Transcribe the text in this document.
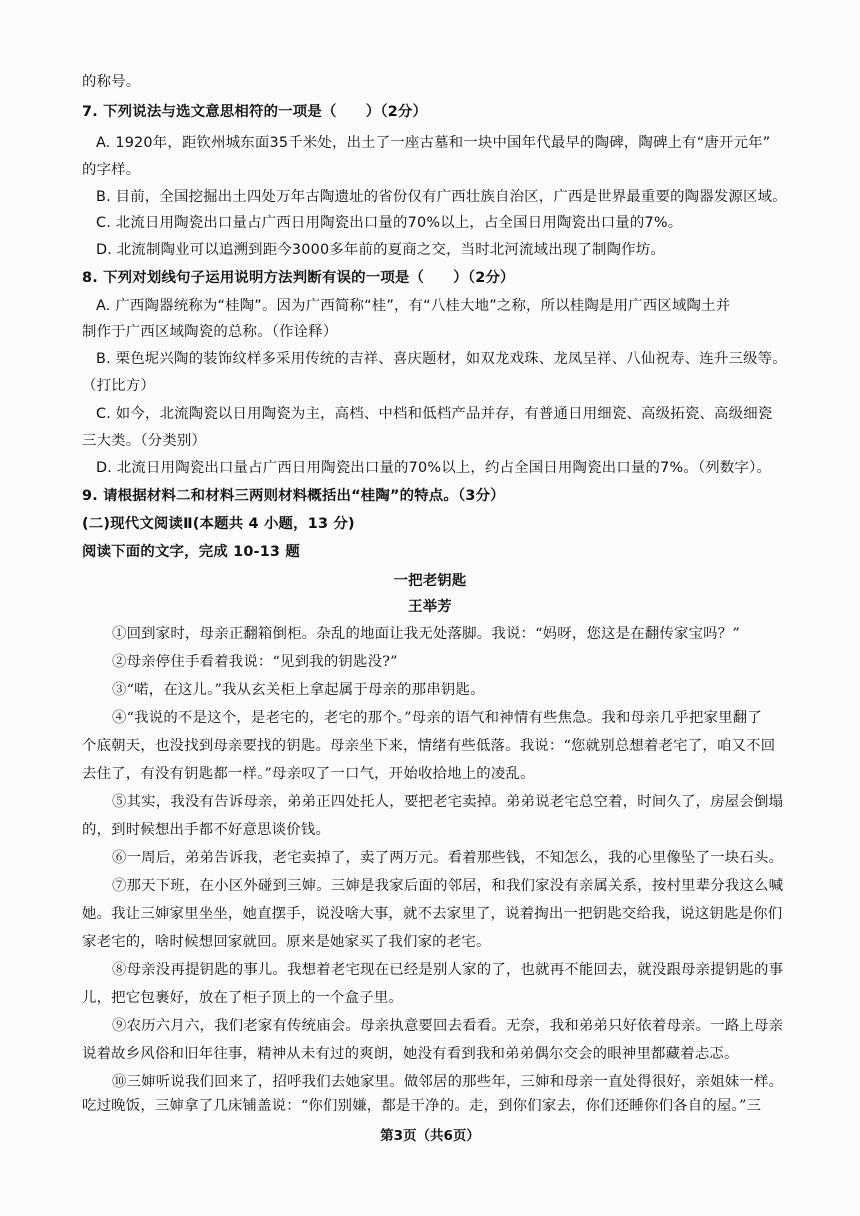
的称号。
7. 下列说法与选文意思相符的一项是（　　）（2分）
A. 1920年，距钦州城东面35千米处，出土了一座古墓和一块中国年代最早的陶碑，陶碑上有“唐开元年”
的字样。
B. 目前，全国挖掘出土四处万年古陶遗址的省份仅有广西壮族自治区，广西是世界最重要的陶器发源区域。
C. 北流日用陶瓷出口量占广西日用陶瓷出口量的70%以上，占全国日用陶瓷出口量的7%。
D. 北流制陶业可以追溯到距今3000多年前的夏商之交，当时北河流域出现了制陶作坊。
8. 下列对划线句子运用说明方法判断有误的一项是（　　）（2分）
A. 广西陶器统称为“桂陶”。因为广西简称“桂”，有“八桂大地”之称，所以桂陶是用广西区域陶土并
制作于广西区域陶瓷的总称。（作诠释）
B. 栗色坭兴陶的装饰纹样多采用传统的吉祥、喜庆题材，如双龙戏珠、龙凤呈祥、八仙祝寿、连升三级等。
（打比方）
C. 如今，北流陶瓷以日用陶瓷为主，高档、中档和低档产品并存，有普通日用细瓷、高级拓瓷、高级细瓷
三大类。（分类别）
D. 北流日用陶瓷出口量占广西日用陶瓷出口量的70%以上，约占全国日用陶瓷出口量的7%。（列数字）。
9. 请根据材料二和材料三两则材料概括出“桂陶”的特点。（3分）
(二)现代文阅读Ⅱ(本题共 4 小题，13 分)
阅读下面的文字，完成 10-13 题
一把老钥匙
王举芳
①回到家时，母亲正翻箱倒柜。杂乱的地面让我无处落脚。我说：“妈呀，您这是在翻传家宝吗？”
②母亲停住手看着我说：“见到我的钥匙没?”
③“喏，在这儿。”我从玄关柜上拿起属于母亲的那串钥匙。
④“我说的不是这个，是老宅的，老宅的那个。”母亲的语气和神情有些焦急。我和母亲几乎把家里翻了
个底朝天，也没找到母亲要找的钥匙。母亲坐下来，情绪有些低落。我说：“您就别总想着老宅了，咱又不回
去住了，有没有钥匙都一样。”母亲叹了一口气，开始收拾地上的凌乱。
⑤其实，我没有告诉母亲，弟弟正四处托人，要把老宅卖掉。弟弟说老宅总空着，时间久了，房屋会倒塌
的，到时候想出手都不好意思谈价钱。
⑥一周后，弟弟告诉我，老宅卖掉了，卖了两万元。看着那些钱，不知怎么，我的心里像坠了一块石头。
⑦那天下班，在小区外碰到三婶。三婶是我家后面的邻居，和我们家没有亲属关系，按村里辈分我这么喊
她。我让三婶家里坐坐，她直摆手，说没啥大事，就不去家里了，说着掏出一把钥匙交给我，说这钥匙是你们
家老宅的，啥时候想回家就回。原来是她家买了我们家的老宅。
⑧母亲没再提钥匙的事儿。我想着老宅现在已经是别人家的了，也就再不能回去，就没跟母亲提钥匙的事
儿，把它包裹好，放在了柜子顶上的一个盒子里。
⑨农历六月六，我们老家有传统庙会。母亲执意要回去看看。无奈，我和弟弟只好依着母亲。一路上母亲
说着故乡风俗和旧年往事，精神从未有过的爽朗，她没有看到我和弟弟偶尔交会的眼神里都藏着忐忑。
⑩三婶听说我们回来了，招呼我们去她家里。做邻居的那些年，三婶和母亲一直处得很好，亲姐妹一样。
吃过晚饭，三婶拿了几床铺盖说：“你们别嫌，都是干净的。走，到你们家去，你们还睡你们各自的屋。”三
第3页（共6页）
